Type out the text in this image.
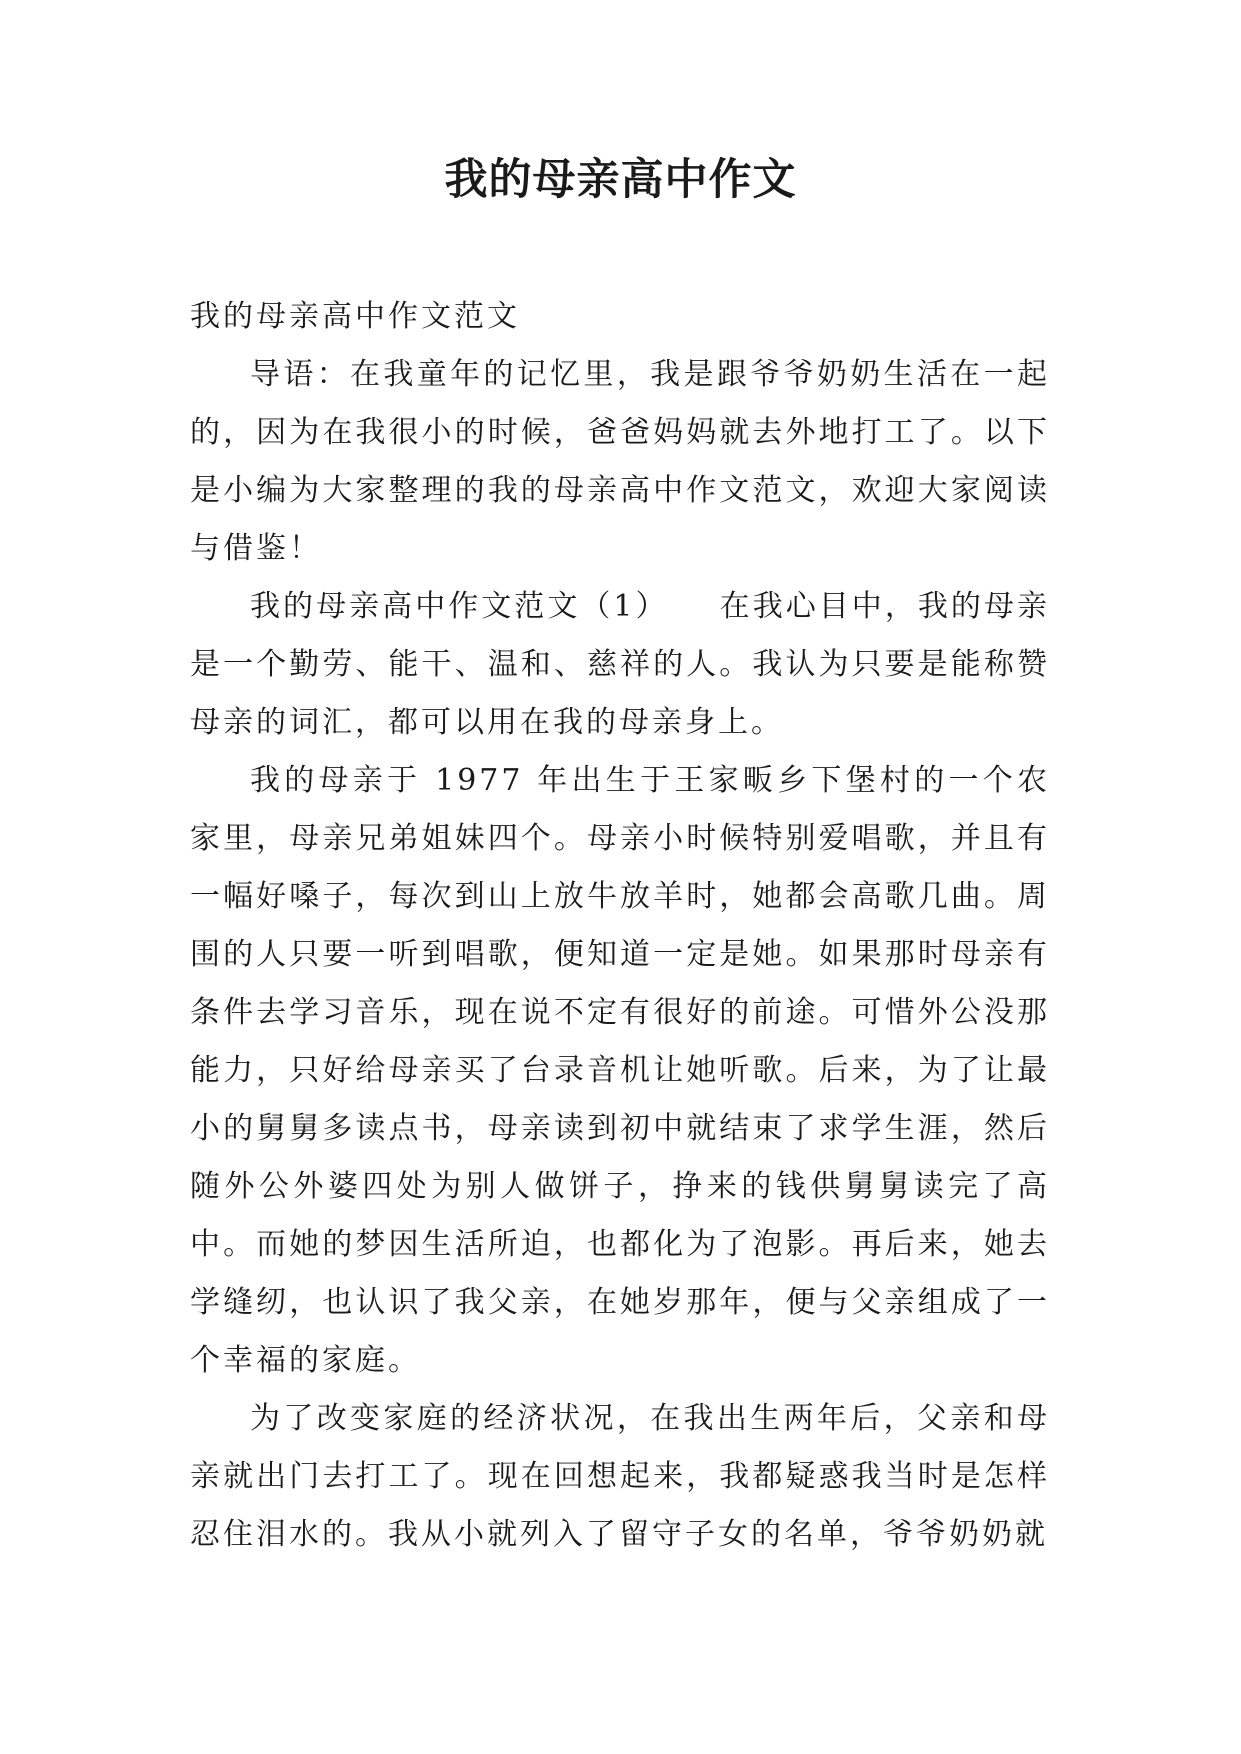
我的母亲高中作文

我的母亲高中作文范文

导语：在我童年的记忆里，我是跟爷爷奶奶生活在一起的，因为在我很小的时候，爸爸妈妈就去外地打工了。以下是小编为大家整理的我的母亲高中作文范文，欢迎大家阅读与借鉴！

我的母亲高中作文范文（1）　　在我心目中，我的母亲是一个勤劳、能干、温和、慈祥的人。我认为只要是能称赞母亲的词汇，都可以用在我的母亲身上。

我的母亲于 1977 年出生于王家畈乡下堡村的一个农家里，母亲兄弟姐妹四个。母亲小时候特别爱唱歌，并且有一幅好嗓子，每次到山上放牛放羊时，她都会高歌几曲。周围的人只要一听到唱歌，便知道一定是她。如果那时母亲有条件去学习音乐，现在说不定有很好的前途。可惜外公没那能力，只好给母亲买了台录音机让她听歌。后来，为了让最小的舅舅多读点书，母亲读到初中就结束了求学生涯，然后随外公外婆四处为别人做饼子，挣来的钱供舅舅读完了高中。而她的梦因生活所迫，也都化为了泡影。再后来，她去学缝纫，也认识了我父亲，在她岁那年，便与父亲组成了一个幸福的家庭。

为了改变家庭的经济状况，在我出生两年后，父亲和母亲就出门去打工了。现在回想起来，我都疑惑我当时是怎样忍住泪水的。我从小就列入了留守子女的名单，爷爷奶奶就
